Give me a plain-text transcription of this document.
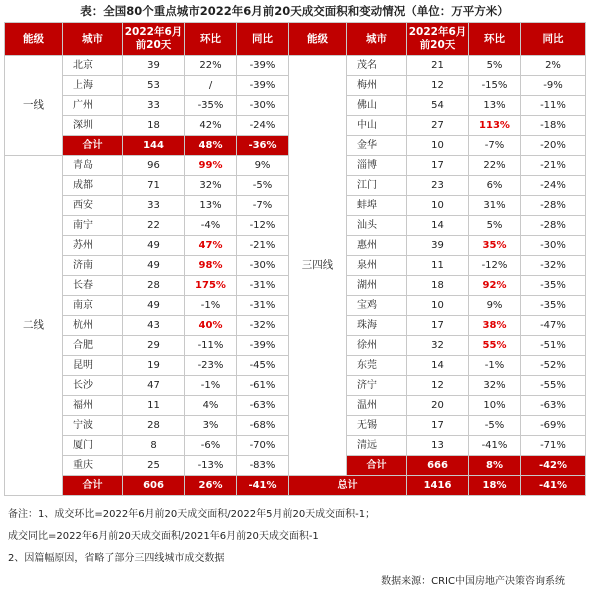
表：全国80个重点城市2022年6月前20天成交面积和变动情况（单位：万平方米）
能级	城市	2022年6月
前20天	环比	同比	能级	城市	2022年6月
前20天	环比	同比
一线	北京	39	22%	-39%	三四线	茂名	21	5%	2%
	上海	53	/	-39%		梅州	12	-15%	-9%
	广州	33	-35%	-30%		佛山	54	13%	-11%
	深圳	18	42%	-24%		中山	27	113%	-18%
	合计	144	48%	-36%		金华	10	-7%	-20%
二线	青岛	96	99%	9%		淄博	17	22%	-21%
	成都	71	32%	-5%		江门	23	6%	-24%
	西安	33	13%	-7%		蚌埠	10	31%	-28%
	南宁	22	-4%	-12%		汕头	14	5%	-28%
	苏州	49	47%	-21%		惠州	39	35%	-30%
	济南	49	98%	-30%		泉州	11	-12%	-32%
	长春	28	175%	-31%		湖州	18	92%	-35%
	南京	49	-1%	-31%		宝鸡	10	9%	-35%
	杭州	43	40%	-32%		珠海	17	38%	-47%
	合肥	29	-11%	-39%		徐州	32	55%	-51%
	昆明	19	-23%	-45%		东莞	14	-1%	-52%
	长沙	47	-1%	-61%		济宁	12	32%	-55%
	福州	11	4%	-63%		温州	20	10%	-63%
	宁波	28	3%	-68%		无锡	17	-5%	-69%
	厦门	8	-6%	-70%		清远	13	-41%	-71%
	重庆	25	-13%	-83%		合计	666	8%	-42%
	合计	606	26%	-41%	总计		1416	18%	-41%
备注：1、成交环比=2022年6月前20天成交面积/2022年5月前20天成交面积-1；
成交同比=2022年6月前20天成交面积/2021年6月前20天成交面积-1
2、因篇幅原因，省略了部分三四线城市成交数据
数据来源：CRIC中国房地产决策咨询系统
